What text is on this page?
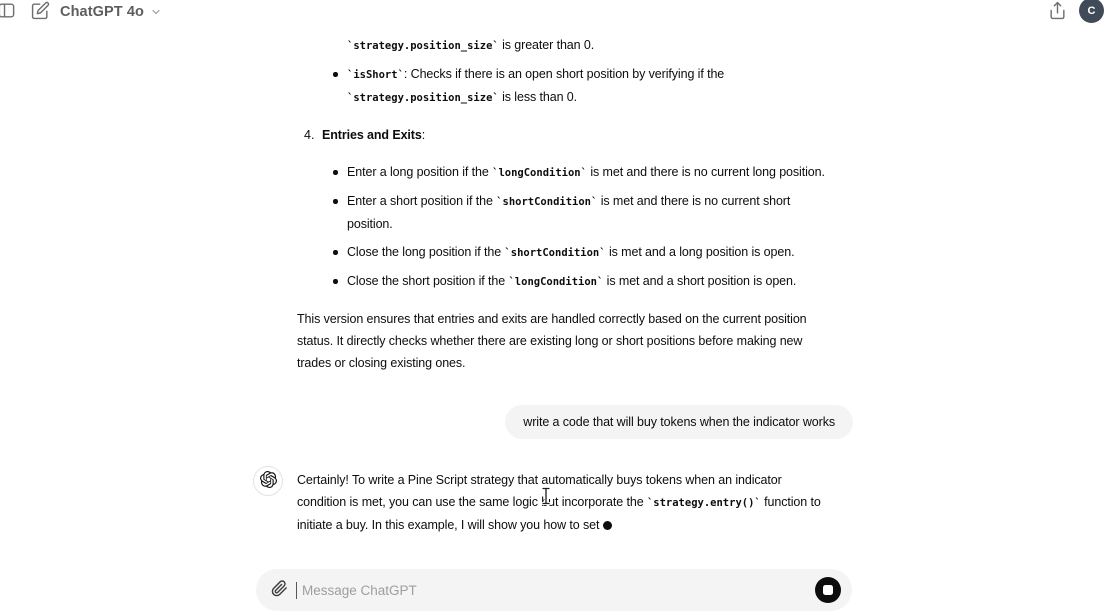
ChatGPT 4o	C
`strategy.position_size` is greater than 0.
`isShort`: Checks if there is an open short position by verifying if the
`strategy.position_size` is less than 0.
4. Entries and Exits:
Enter a long position if the `longCondition` is met and there is no current long position.
Enter a short position if the `shortCondition` is met and there is no current short
position.
Close the long position if the `shortCondition` is met and a long position is open.
Close the short position if the `longCondition` is met and a short position is open.
This version ensures that entries and exits are handled correctly based on the current position
status. It directly checks whether there are existing long or short positions before making new
trades or closing existing ones.
write a code that will buy tokens when the indicator works
Certainly! To write a Pine Script strategy that automatically buys tokens when an indicator
condition is met, you can use the same logic but incorporate the `strategy.entry()` function to
initiate a buy. In this example, I will show you how to set
Message ChatGPT
